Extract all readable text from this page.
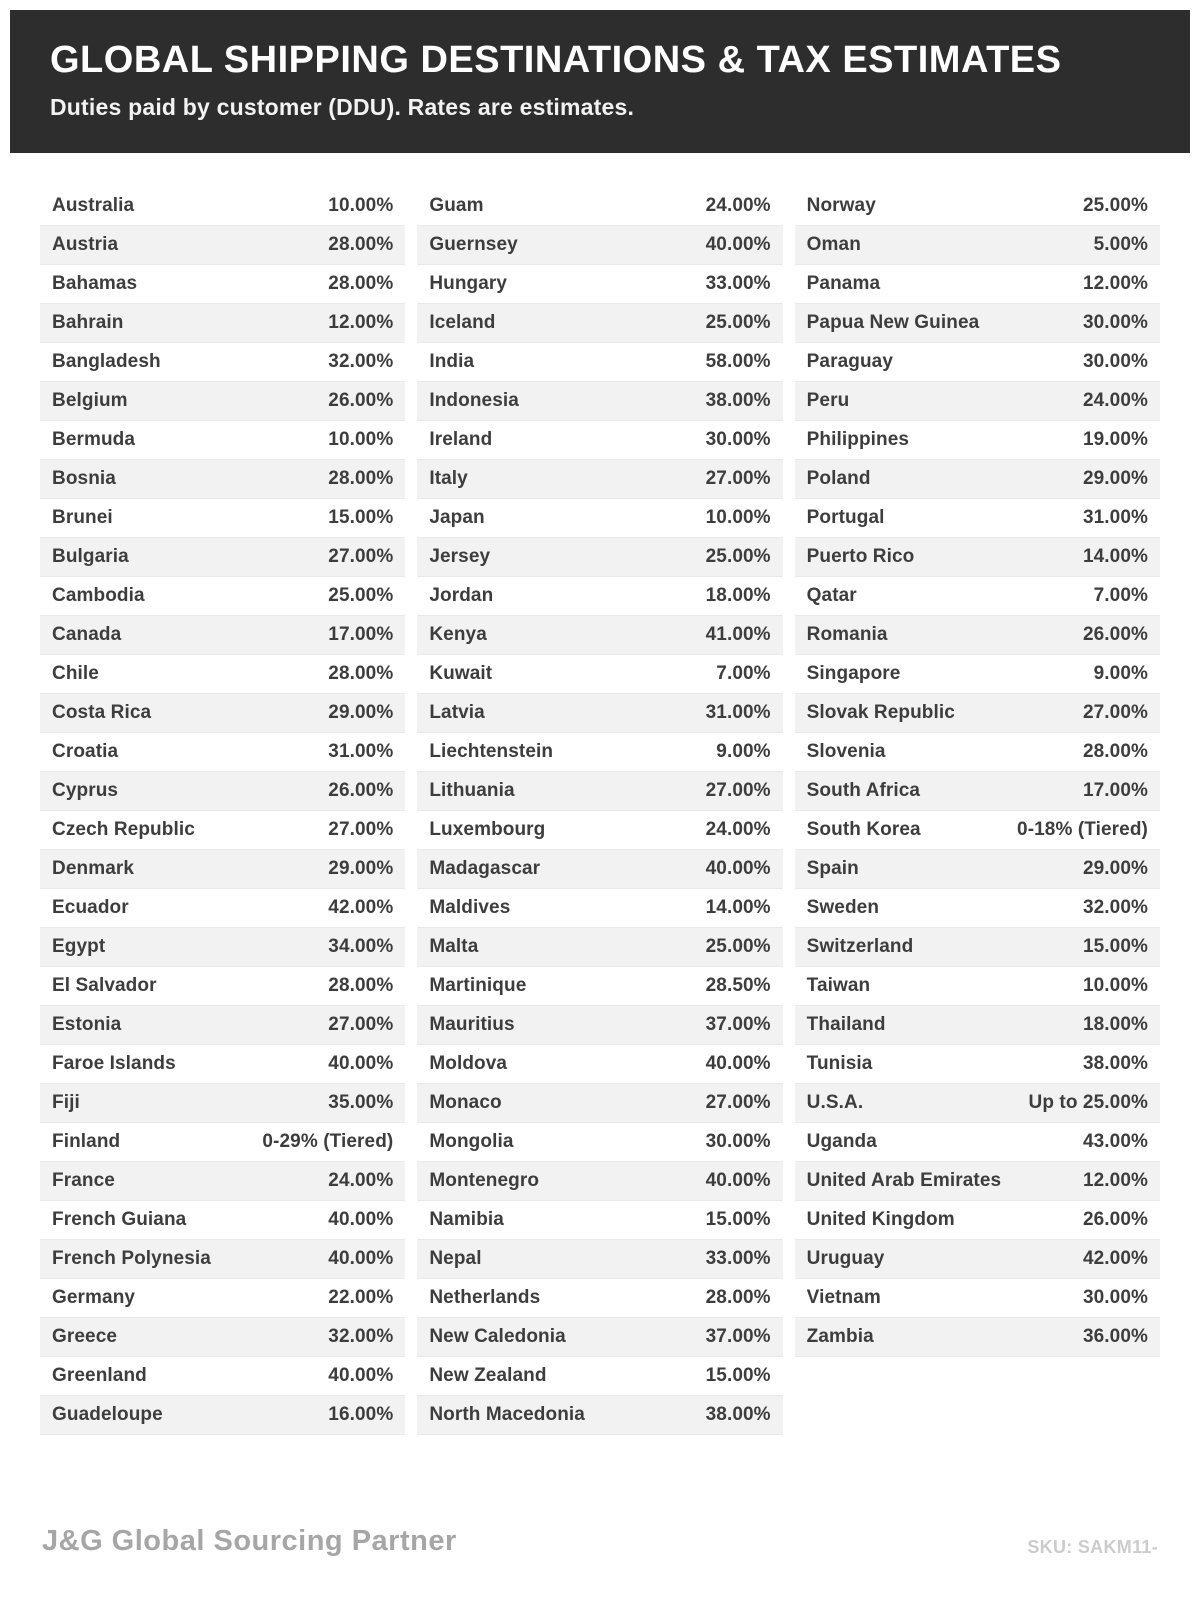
GLOBAL SHIPPING DESTINATIONS & TAX ESTIMATES

Duties paid by customer (DDU). Rates are estimates.

Australia	10.00%
Austria	28.00%
Bahamas	28.00%
Bahrain	12.00%
Bangladesh	32.00%
Belgium	26.00%
Bermuda	10.00%
Bosnia	28.00%
Brunei	15.00%
Bulgaria	27.00%
Cambodia	25.00%
Canada	17.00%
Chile	28.00%
Costa Rica	29.00%
Croatia	31.00%
Cyprus	26.00%
Czech Republic	27.00%
Denmark	29.00%
Ecuador	42.00%
Egypt	34.00%
El Salvador	28.00%
Estonia	27.00%
Faroe Islands	40.00%
Fiji	35.00%
Finland	0-29% (Tiered)
France	24.00%
French Guiana	40.00%
French Polynesia	40.00%
Germany	22.00%
Greece	32.00%
Greenland	40.00%
Guadeloupe	16.00%
Guam	24.00%
Guernsey	40.00%
Hungary	33.00%
Iceland	25.00%
India	58.00%
Indonesia	38.00%
Ireland	30.00%
Italy	27.00%
Japan	10.00%
Jersey	25.00%
Jordan	18.00%
Kenya	41.00%
Kuwait	7.00%
Latvia	31.00%
Liechtenstein	9.00%
Lithuania	27.00%
Luxembourg	24.00%
Madagascar	40.00%
Maldives	14.00%
Malta	25.00%
Martinique	28.50%
Mauritius	37.00%
Moldova	40.00%
Monaco	27.00%
Mongolia	30.00%
Montenegro	40.00%
Namibia	15.00%
Nepal	33.00%
Netherlands	28.00%
New Caledonia	37.00%
New Zealand	15.00%
North Macedonia	38.00%
Norway	25.00%
Oman	5.00%
Panama	12.00%
Papua New Guinea	30.00%
Paraguay	30.00%
Peru	24.00%
Philippines	19.00%
Poland	29.00%
Portugal	31.00%
Puerto Rico	14.00%
Qatar	7.00%
Romania	26.00%
Singapore	9.00%
Slovak Republic	27.00%
Slovenia	28.00%
South Africa	17.00%
South Korea	0-18% (Tiered)
Spain	29.00%
Sweden	32.00%
Switzerland	15.00%
Taiwan	10.00%
Thailand	18.00%
Tunisia	38.00%
U.S.A.	Up to 25.00%
Uganda	43.00%
United Arab Emirates	12.00%
United Kingdom	26.00%
Uruguay	42.00%
Vietnam	30.00%
Zambia	36.00%
J&G Global Sourcing Partner	SKU: SAKM11-
